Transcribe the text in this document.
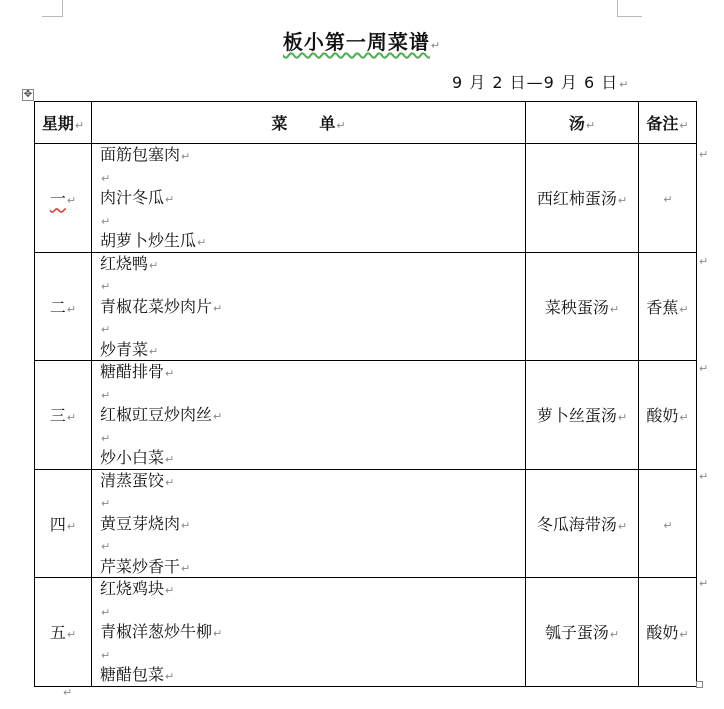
板小第一周菜谱↵
9 月 2 日—9 月 6 日↵
✥
星期↵	菜　　单↵	汤↵	备注↵
一↵	面筋包塞肉↵
↵
肉汁冬瓜↵
↵
胡萝卜炒生瓜↵	西红柿蛋汤↵	↵
二↵	红烧鸭↵
↵
青椒花菜炒肉片↵
↵
炒青菜↵	菜秧蛋汤↵	香蕉↵
三↵	糖醋排骨↵
↵
红椒豇豆炒肉丝↵
↵
炒小白菜↵	萝卜丝蛋汤↵	酸奶↵
四↵	清蒸蛋饺↵
↵
黄豆芽烧肉↵
↵
芹菜炒香干↵	冬瓜海带汤↵	↵
五↵	红烧鸡块↵
↵
青椒洋葱炒牛柳↵
↵
糖醋包菜↵	瓠子蛋汤↵	酸奶↵
↵
↵
↵
↵
↵
↵
